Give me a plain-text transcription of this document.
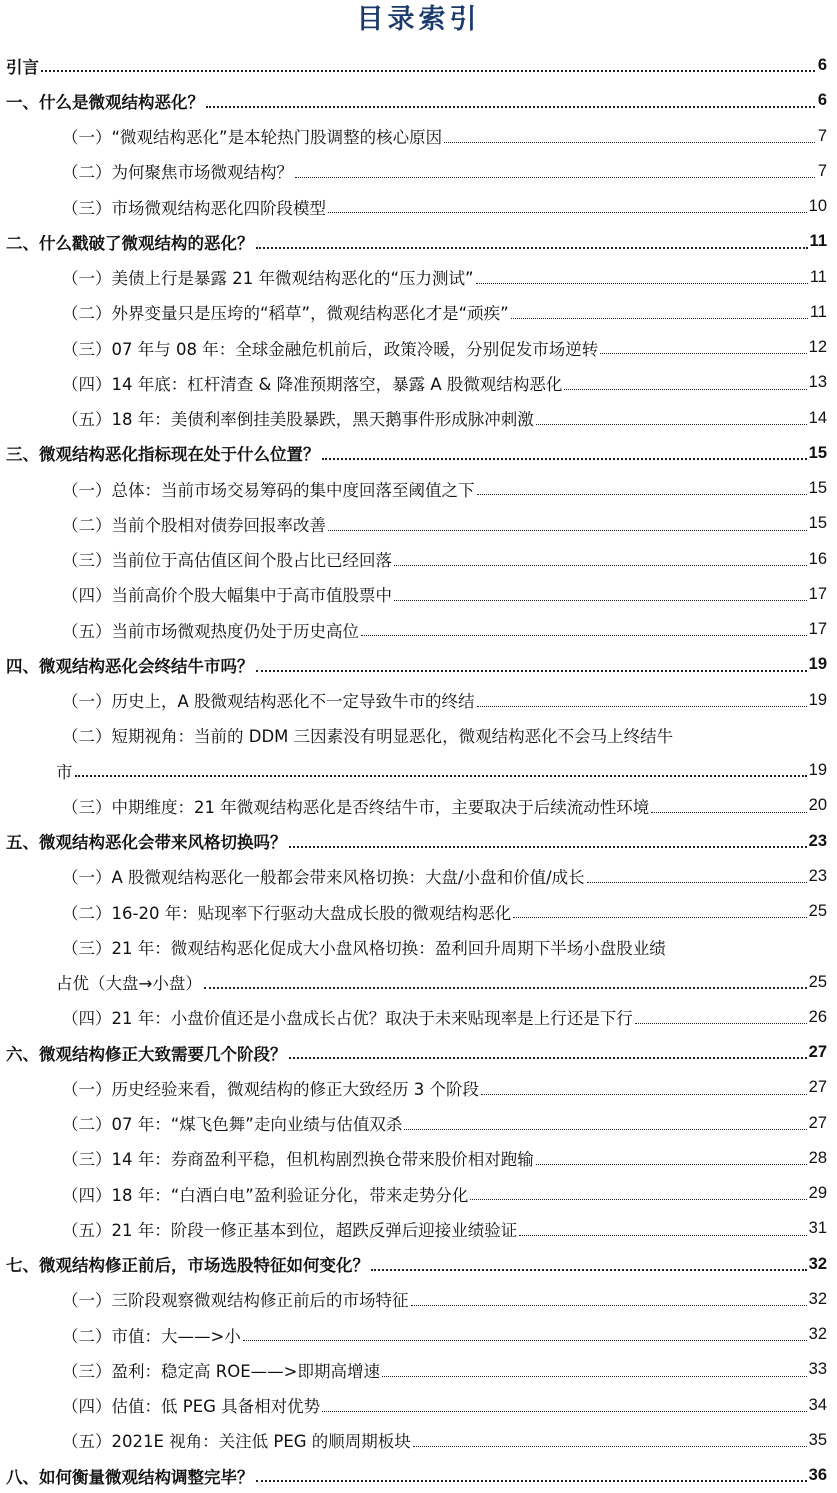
目录索引
引言	6
一、什么是微观结构恶化？	6
（一）“微观结构恶化”是本轮热门股调整的核心原因	7
（二）为何聚焦市场微观结构？	7
（三）市场微观结构恶化四阶段模型	10
二、什么戳破了微观结构的恶化？	11
（一）美债上行是暴露 21 年微观结构恶化的“压力测试”	11
（二）外界变量只是压垮的“稻草”，微观结构恶化才是“顽疾”	11
（三）07 年与 08 年：全球金融危机前后，政策冷暖，分别促发市场逆转	12
（四）14 年底：杠杆清查 & 降准预期落空，暴露 A 股微观结构恶化	13
（五）18 年：美债利率倒挂美股暴跌，黑天鹅事件形成脉冲刺激	14
三、微观结构恶化指标现在处于什么位置？	15
（一）总体：当前市场交易筹码的集中度回落至阈值之下	15
（二）当前个股相对债券回报率改善	15
（三）当前位于高估值区间个股占比已经回落	16
（四）当前高价个股大幅集中于高市值股票中	17
（五）当前市场微观热度仍处于历史高位	17
四、微观结构恶化会终结牛市吗？	19
（一）历史上，A 股微观结构恶化不一定导致牛市的终结	19
（二）短期视角：当前的 DDM 三因素没有明显恶化，微观结构恶化不会马上终结牛
市	19
（三）中期维度：21 年微观结构恶化是否终结牛市，主要取决于后续流动性环境	20
五、微观结构恶化会带来风格切换吗？	23
（一）A 股微观结构恶化一般都会带来风格切换：大盘/小盘和价值/成长	23
（二）16-20 年：贴现率下行驱动大盘成长股的微观结构恶化	25
（三）21 年：微观结构恶化促成大小盘风格切换：盈利回升周期下半场小盘股业绩
占优（大盘→小盘）	25
（四）21 年：小盘价值还是小盘成长占优？取决于未来贴现率是上行还是下行	26
六、微观结构修正大致需要几个阶段？	27
（一）历史经验来看，微观结构的修正大致经历 3 个阶段	27
（二）07 年：“煤飞色舞”走向业绩与估值双杀	27
（三）14 年：券商盈利平稳，但机构剧烈换仓带来股价相对跑输	28
（四）18 年：“白酒白电”盈利验证分化，带来走势分化	29
（五）21 年：阶段一修正基本到位，超跌反弹后迎接业绩验证	31
七、微观结构修正前后，市场选股特征如何变化？	32
（一）三阶段观察微观结构修正前后的市场特征	32
（二）市值：大——>小	32
（三）盈利：稳定高 ROE——>即期高增速	33
（四）估值：低 PEG 具备相对优势	34
（五）2021E 视角：关注低 PEG 的顺周期板块	35
八、如何衡量微观结构调整完毕？	36
